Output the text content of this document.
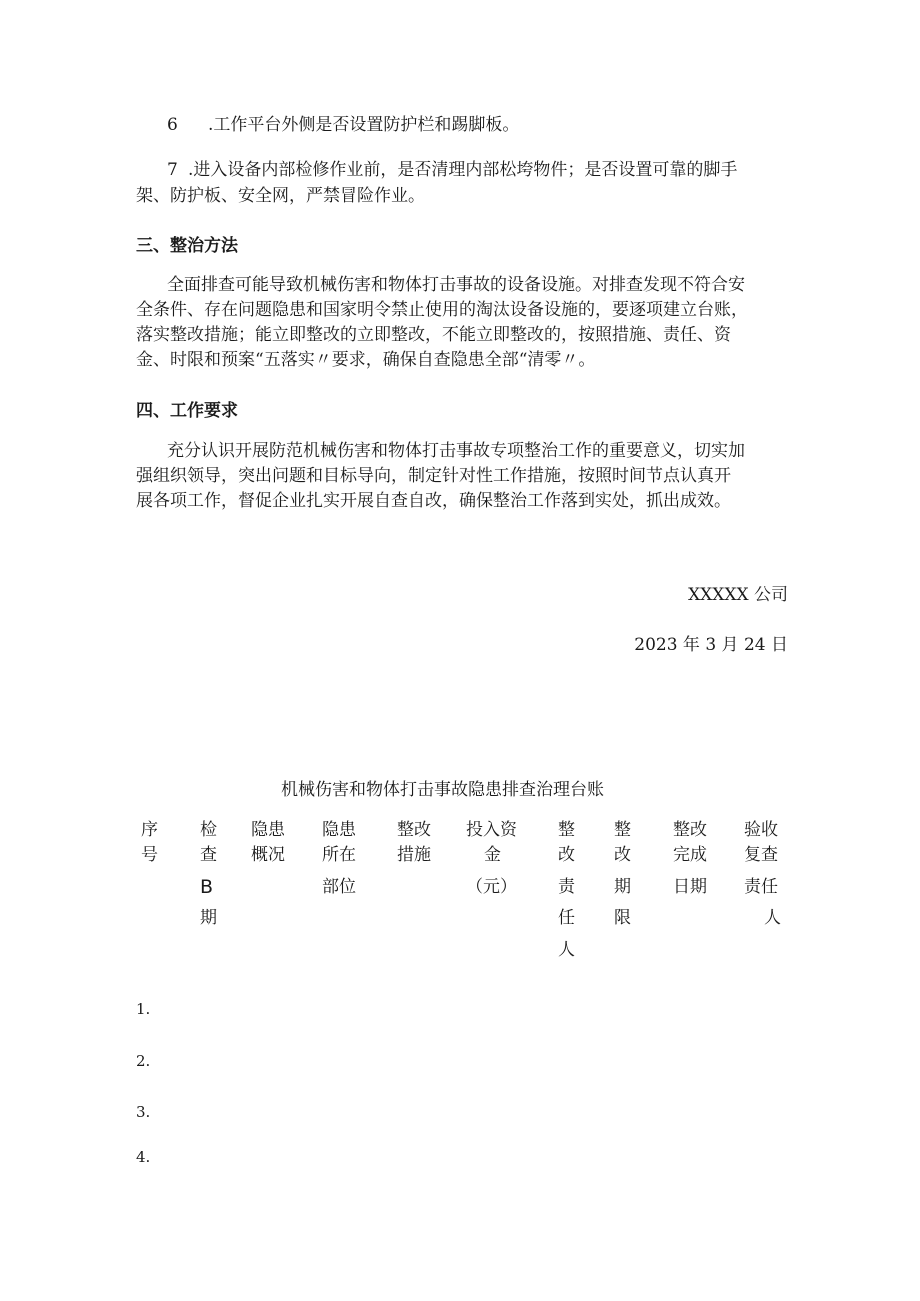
6 .工作平台外侧是否设置防护栏和踢脚板。
7 .进入设备内部检修作业前，是否清理内部松垮物件；是否设置可靠的脚手
架、防护板、安全网，严禁冒险作业。
三、整治方法
全面排查可能导致机械伤害和物体打击事故的设备设施。对排查发现不符合安
全条件、存在问题隐患和国家明令禁止使用的淘汰设备设施的，要逐项建立台账，
落实整改措施；能立即整改的立即整改，不能立即整改的，按照措施、责任、资
金、时限和预案“五落实〃要求，确保自查隐患全部“清零〃。
四、工作要求
充分认识开展防范机械伤害和物体打击事故专项整治工作的重要意义，切实加
强组织领导，突出问题和目标导向，制定针对性工作措施，按照时间节点认真开
展各项工作，督促企业扎实开展自查自改，确保整治工作落到实处，抓出成效。
XXXXX 公司
2023 年 3 月 24 日
机械伤害和物体打击事故隐患排查治理台账
序
号
检
查
B
期
隐患
概况
隐患
所在
部位
整改
措施
投入资
金
（元）
整
改
责
任
人
整
改
期
限
整改
完成
日期
验收
复查
责任
人
1.
2.
3.
4.
